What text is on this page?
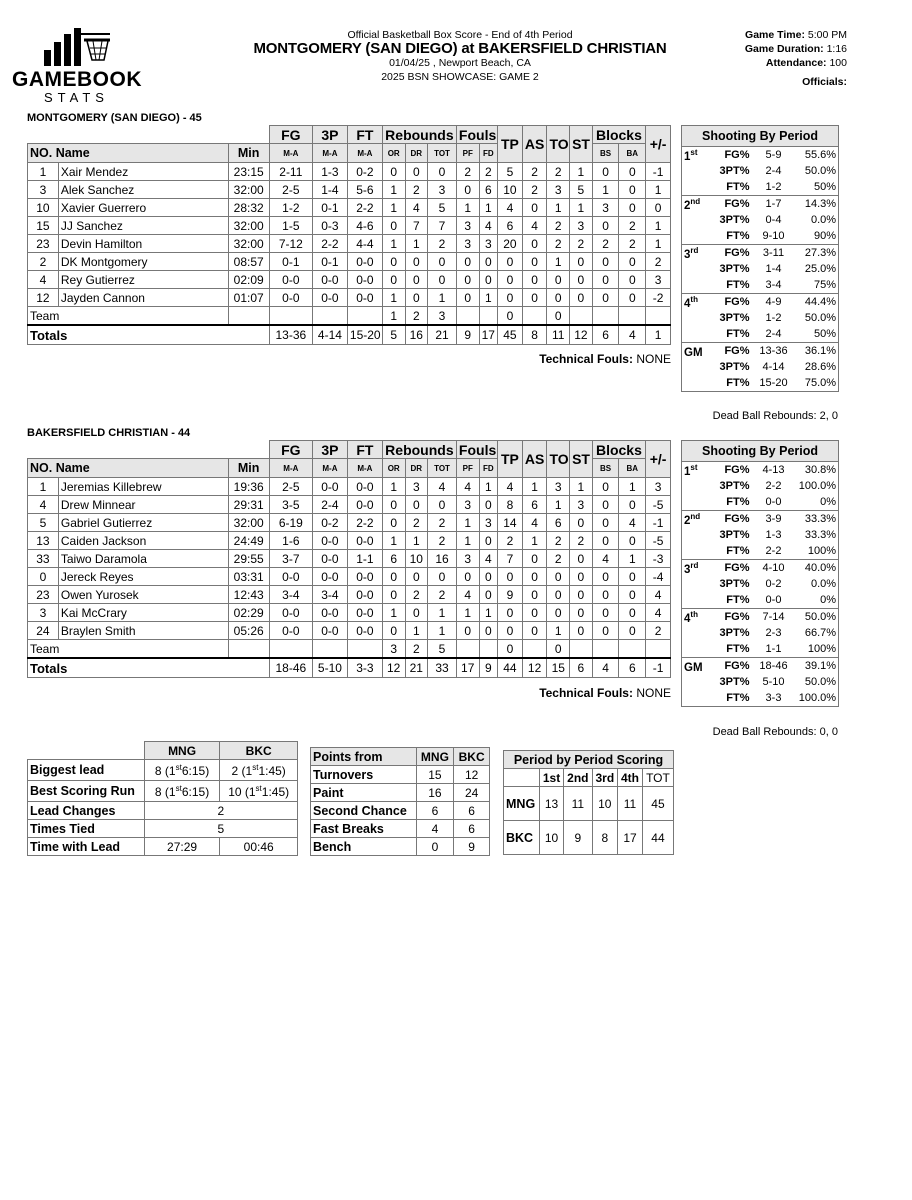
GAMEBOOK
STATS
Official Basketball Box Score - End of 4th Period
MONTGOMERY (SAN DIEGO) at BAKERSFIELD CHRISTIAN
01/04/25 , Newport Beach, CA
2025 BSN SHOWCASE: GAME 2
Game Time: 5:00 PM
Game Duration: 1:16
Attendance: 100
Officials:
MONTGOMERY (SAN DIEGO) - 45
			FG	3P	FT	Rebounds			Fouls		TP	AS	TO	ST	Blocks		+/-
NO. Name		Min	M-A	M-A	M-A	OR	DR	TOT	PF	FD					BS	BA	
1	Xair Mendez	23:15	2-11	1-3	0-2	0	0	0	2	2	5	2	2	1	0	0	-1
3	Alek Sanchez	32:00	2-5	1-4	5-6	1	2	3	0	6	10	2	3	5	1	0	1
10	Xavier Guerrero	28:32	1-2	0-1	2-2	1	4	5	1	1	4	0	1	1	3	0	0
15	JJ Sanchez	32:00	1-5	0-3	4-6	0	7	7	3	4	6	4	2	3	0	2	1
23	Devin Hamilton	32:00	7-12	2-2	4-4	1	1	2	3	3	20	0	2	2	2	2	1
2	DK Montgomery	08:57	0-1	0-1	0-0	0	0	0	0	0	0	0	1	0	0	0	2
4	Rey Gutierrez	02:09	0-0	0-0	0-0	0	0	0	0	0	0	0	0	0	0	0	3
12	Jayden Cannon	01:07	0-0	0-0	0-0	1	0	1	0	1	0	0	0	0	0	0	-2
Team						1	2	3			0		0				
Totals			13-36	4-14	15-20	5	16	21	9	17	45	8	11	12	6	4	1
Technical Fouls: NONE
Shooting By Period			
1st	FG%	5-9	55.6%
	3PT%	2-4	50.0%
	FT%	1-2	50%
2nd	FG%	1-7	14.3%
	3PT%	0-4	0.0%
	FT%	9-10	90%
3rd	FG%	3-11	27.3%
	3PT%	1-4	25.0%
	FT%	3-4	75%
4th	FG%	4-9	44.4%
	3PT%	1-2	50.0%
	FT%	2-4	50%
GM	FG%	13-36	36.1%
	3PT%	4-14	28.6%
	FT%	15-20	75.0%
Dead Ball Rebounds: 2, 0
BAKERSFIELD CHRISTIAN - 44
			FG	3P	FT	Rebounds			Fouls		TP	AS	TO	ST	Blocks		+/-
NO. Name		Min	M-A	M-A	M-A	OR	DR	TOT	PF	FD					BS	BA	
1	Jeremias Killebrew	19:36	2-5	0-0	0-0	1	3	4	4	1	4	1	3	1	0	1	3
4	Drew Minnear	29:31	3-5	2-4	0-0	0	0	0	3	0	8	6	1	3	0	0	-5
5	Gabriel Gutierrez	32:00	6-19	0-2	2-2	0	2	2	1	3	14	4	6	0	0	4	-1
13	Caiden Jackson	24:49	1-6	0-0	0-0	1	1	2	1	0	2	1	2	2	0	0	-5
33	Taiwo Daramola	29:55	3-7	0-0	1-1	6	10	16	3	4	7	0	2	0	4	1	-3
0	Jereck Reyes	03:31	0-0	0-0	0-0	0	0	0	0	0	0	0	0	0	0	0	-4
23	Owen Yurosek	12:43	3-4	3-4	0-0	0	2	2	4	0	9	0	0	0	0	0	4
3	Kai McCrary	02:29	0-0	0-0	0-0	1	0	1	1	1	0	0	0	0	0	0	4
24	Braylen Smith	05:26	0-0	0-0	0-0	0	1	1	0	0	0	0	1	0	0	0	2
Team						3	2	5			0		0				
Totals			18-46	5-10	3-3	12	21	33	17	9	44	12	15	6	4	6	-1
Technical Fouls: NONE
Shooting By Period			
1st	FG%	4-13	30.8%
	3PT%	2-2	100.0%
	FT%	0-0	0%
2nd	FG%	3-9	33.3%
	3PT%	1-3	33.3%
	FT%	2-2	100%
3rd	FG%	4-10	40.0%
	3PT%	0-2	0.0%
	FT%	0-0	0%
4th	FG%	7-14	50.0%
	3PT%	2-3	66.7%
	FT%	1-1	100%
GM	FG%	18-46	39.1%
	3PT%	5-10	50.0%
	FT%	3-3	100.0%
Dead Ball Rebounds: 0, 0
	MNG	BKC
Biggest lead	8 (1st6:15)	2 (1st1:45)
Best Scoring Run	8 (1st6:15)	10 (1st1:45)
Lead Changes	2	
Times Tied	5	
Time with Lead	27:29	00:46
Points from	MNG	BKC
Turnovers	15	12
Paint	16	24
Second Chance	6	6
Fast Breaks	4	6
Bench	0	9
Period by Period Scoring					
	1st	2nd	3rd	4th	TOT
MNG	13	11	10	11	45
BKC	10	9	8	17	44
